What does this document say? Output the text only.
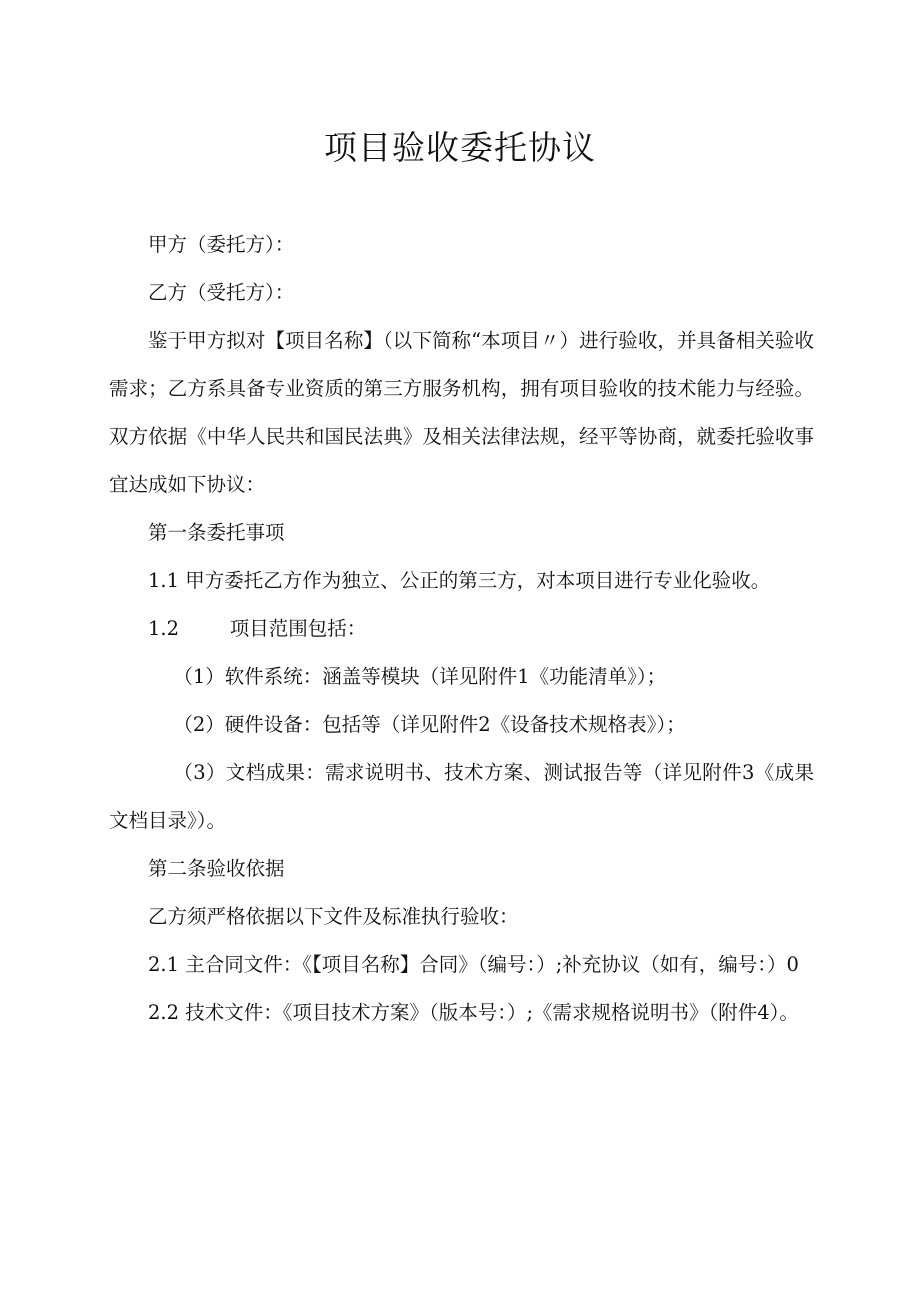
项目验收委托协议

甲方（委托方）：

乙方（受托方）：

鉴于甲方拟对【项目名称】（以下简称“本项目〃）进行验收，并具备相关验收需求；乙方系具备专业资质的第三方服务机构，拥有项目验收的技术能力与经验。双方依据《中华人民共和国民法典》及相关法律法规，经平等协商，就委托验收事宜达成如下协议：

第一条委托事项

1.1 甲方委托乙方作为独立、公正的第三方，对本项目进行专业化验收。

1.2	项目范围包括：

（1）软件系统：涵盖等模块（详见附件1《功能清单》）；

（2）硬件设备：包括等（详见附件2《设备技术规格表》）；

（3）文档成果：需求说明书、技术方案、测试报告等（详见附件3《成果文档目录》）。

第二条验收依据

乙方须严格依据以下文件及标准执行验收：

2.1 主合同文件：《【项目名称】合同》（编号：）;补充协议（如有，编号：）0

2.2 技术文件：《项目技术方案》（版本号：）;《需求规格说明书》（附件4）。
